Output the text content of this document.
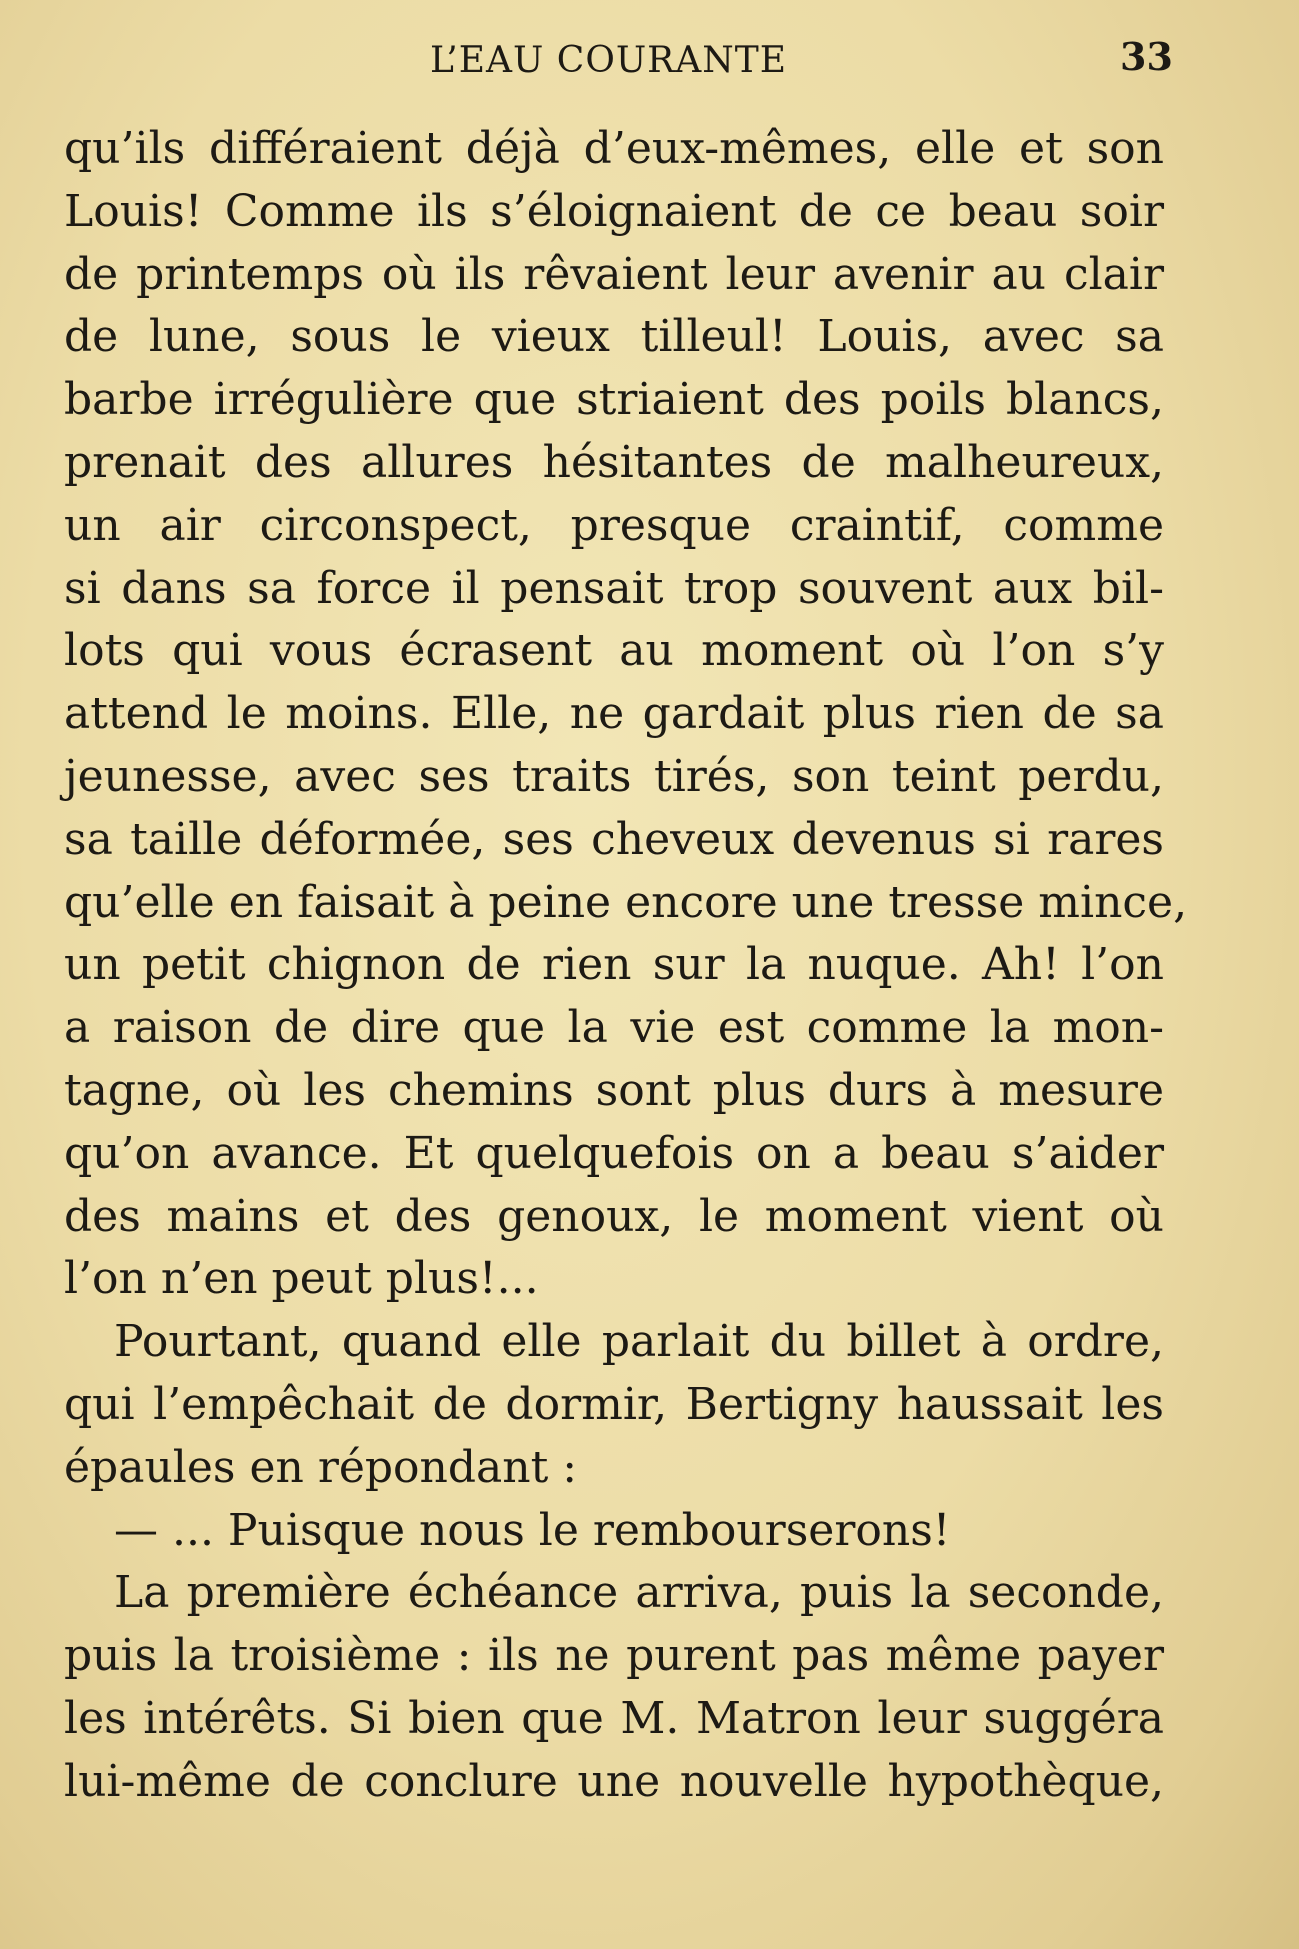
L’EAU COURANTE	33
qu’ils différaient déjà d’eux-mêmes, elle et son
Louis! Comme ils s’éloignaient de ce beau soir
de printemps où ils rêvaient leur avenir au clair
de lune, sous le vieux tilleul! Louis, avec sa
barbe irrégulière que striaient des poils blancs,
prenait des allures hésitantes de malheureux,
un air circonspect, presque craintif, comme
si dans sa force il pensait trop souvent aux bil-
lots qui vous écrasent au moment où l’on s’y
attend le moins. Elle, ne gardait plus rien de sa
jeunesse, avec ses traits tirés, son teint perdu,
sa taille déformée, ses cheveux devenus si rares
qu’elle en faisait à peine encore une tresse mince,
un petit chignon de rien sur la nuque. Ah! l’on
a raison de dire que la vie est comme la mon-
tagne, où les chemins sont plus durs à mesure
qu’on avance. Et quelquefois on a beau s’aider
des mains et des genoux, le moment vient où
l’on n’en peut plus!...
Pourtant, quand elle parlait du billet à ordre,
qui l’empêchait de dormir, Bertigny haussait les
épaules en répondant :
— ... Puisque nous le rembourserons!
La première échéance arriva, puis la seconde,
puis la troisième : ils ne purent pas même payer
les intérêts. Si bien que M. Matron leur suggéra
lui-même de conclure une nouvelle hypothèque,
